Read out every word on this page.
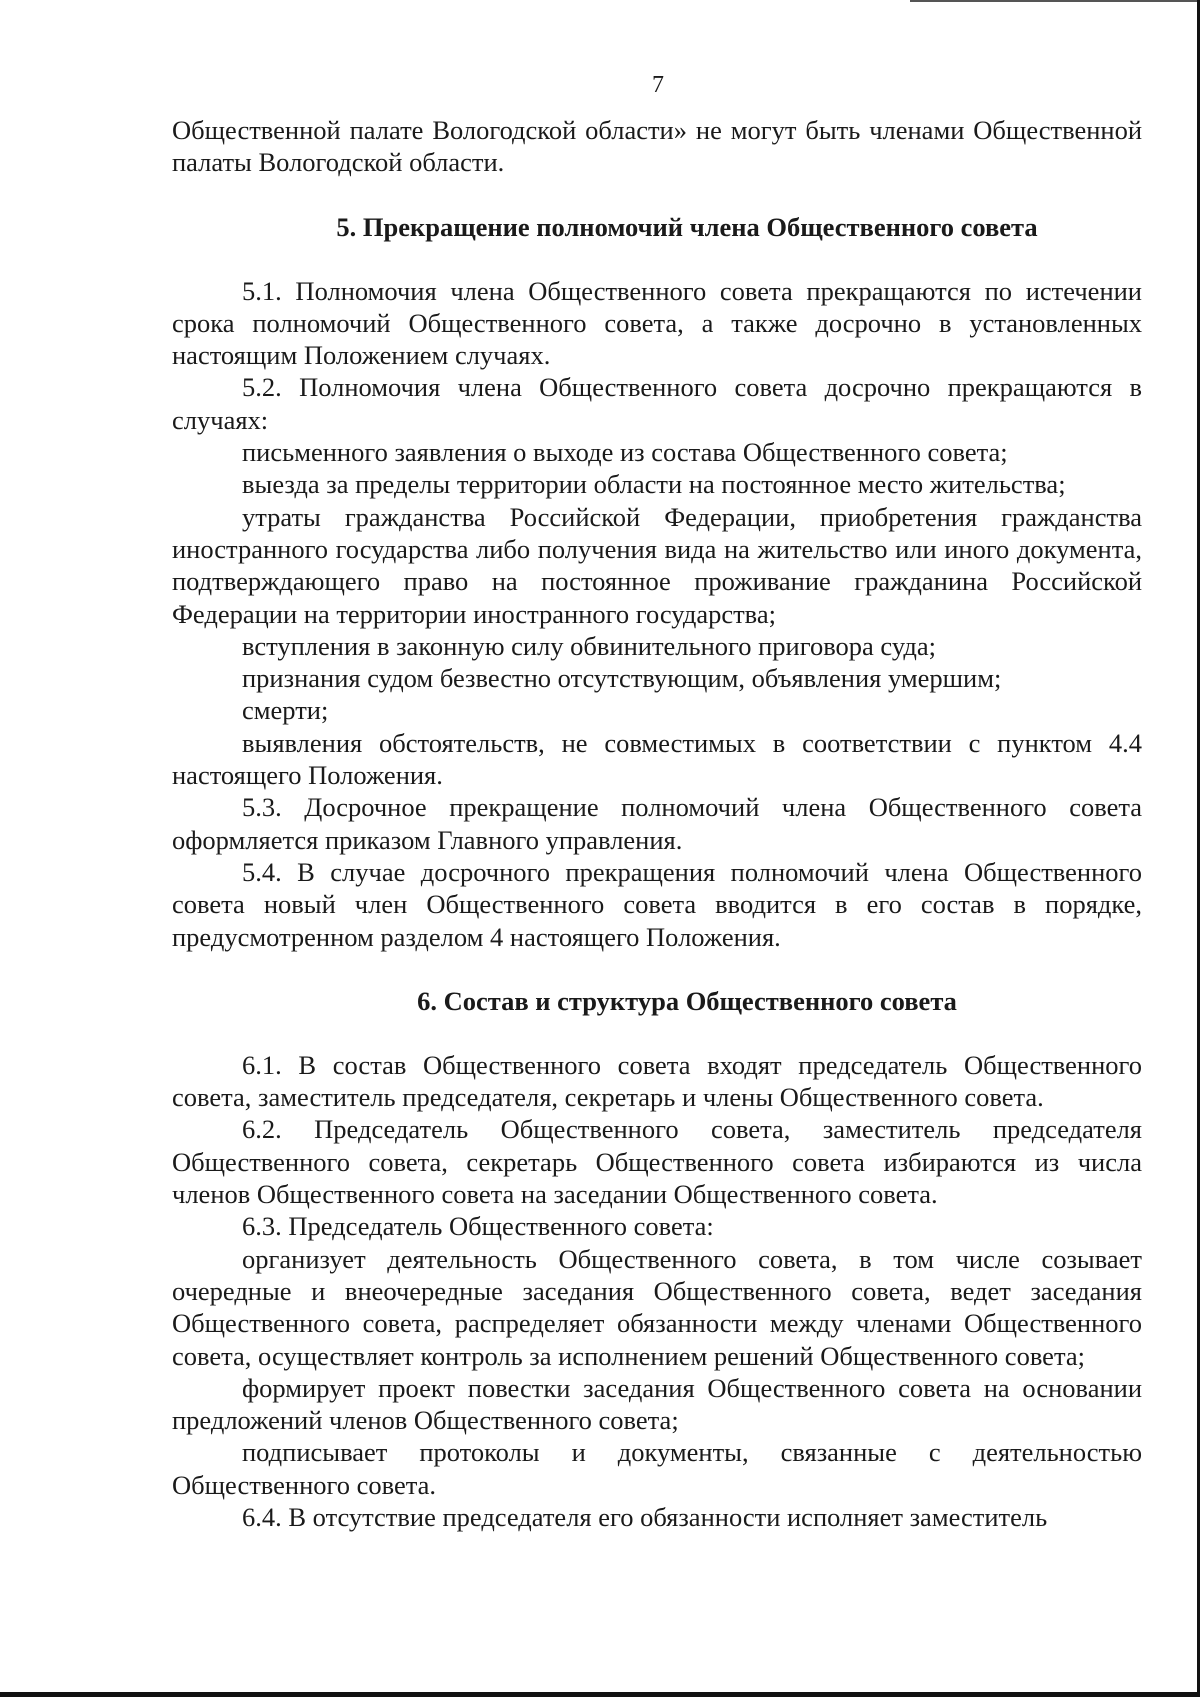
7

Общественной палате Вологодской области» не могут быть членами Общественной палаты Вологодской области.

5. Прекращение полномочий члена Общественного совета

5.1. Полномочия члена Общественного совета прекращаются по истечении срока полномочий Общественного совета, а также досрочно в установленных настоящим Положением случаях.

5.2. Полномочия члена Общественного совета досрочно прекращаются в случаях:

письменного заявления о выходе из состава Общественного совета;

выезда за пределы территории области на постоянное место жительства;

утраты гражданства Российской Федерации, приобретения гражданства иностранного государства либо получения вида на жительство или иного документа, подтверждающего право на постоянное проживание гражданина Российской Федерации на территории иностранного государства;

вступления в законную силу обвинительного приговора суда;

признания судом безвестно отсутствующим, объявления умершим;

смерти;

выявления обстоятельств, не совместимых в соответствии с пунктом 4.4 настоящего Положения.

5.3. Досрочное прекращение полномочий члена Общественного совета оформляется приказом Главного управления.

5.4. В случае досрочного прекращения полномочий члена Общественного совета новый член Общественного совета вводится в его состав в порядке, предусмотренном разделом 4 настоящего Положения.

6. Состав и структура Общественного совета

6.1. В состав Общественного совета входят председатель Общественного совета, заместитель председателя, секретарь и члены Общественного совета.

6.2. Председатель Общественного совета, заместитель председателя Общественного совета, секретарь Общественного совета избираются из числа членов Общественного совета на заседании Общественного совета.

6.3. Председатель Общественного совета:

организует деятельность Общественного совета, в том числе созывает очередные и внеочередные заседания Общественного совета, ведет заседания Общественного совета, распределяет обязанности между членами Общественного совета, осуществляет контроль за исполнением решений Общественного совета;

формирует проект повестки заседания Общественного совета на основании предложений членов Общественного совета;

подписывает протоколы и документы, связанные с деятельностью Общественного совета.

6.4. В отсутствие председателя его обязанности исполняет заместитель
